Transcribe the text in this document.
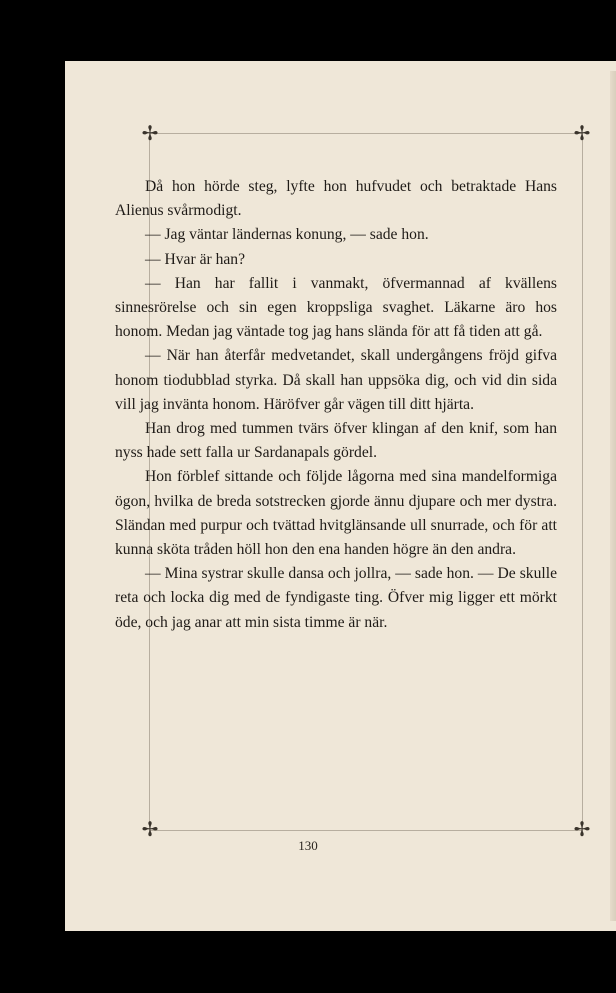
✢	✢
✢	✢

Då hon hörde steg, lyfte hon hufvudet och betraktade Hans Alienus svårmodigt.

— Jag väntar ländernas konung, — sade hon.

— Hvar är han?

— Han har fallit i vanmakt, öfvermannad af kvällens sinnesrörelse och sin egen kroppsliga svaghet. Läkarne äro hos honom. Medan jag väntade tog jag hans slända för att få tiden att gå.

— När han återfår medvetandet, skall undergångens fröjd gifva honom tiodubblad styrka. Då skall han uppsöka dig, och vid din sida vill jag invänta honom. Häröfver går vägen till ditt hjärta.

Han drog med tummen tvärs öfver klingan af den knif, som han nyss hade sett falla ur Sardanapals gördel.

Hon förblef sittande och följde lågorna med sina mandelformiga ögon, hvilka de breda sotstrecken gjorde ännu djupare och mer dystra. Sländan med purpur och tvättad hvitglänsande ull snurrade, och för att kunna sköta tråden höll hon den ena handen högre än den andra.

— Mina systrar skulle dansa och jollra, — sade hon. — De skulle reta och locka dig med de fyndigaste ting. Öfver mig ligger ett mörkt öde, och jag anar att min sista timme är när.

130
